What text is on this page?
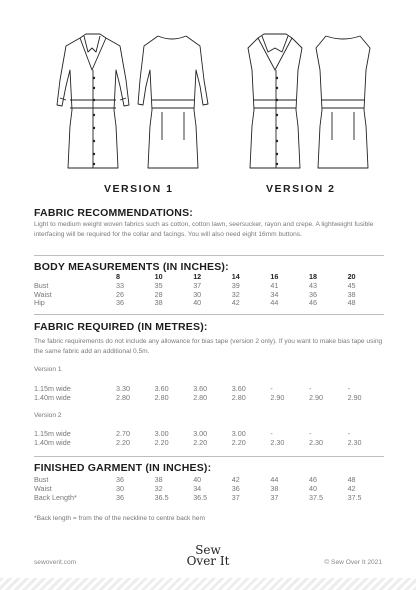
VERSION 1	VERSION 2
FABRIC RECOMMENDATIONS:
Light to medium weight woven fabrics such as cotton, cotton lawn, seersucker, rayon and crepe. A lightweight fusible interfacing will be required for the collar and facings. You will also need eight 16mm buttons.
BODY MEASUREMENTS (IN INCHES):
	8	10	12	14	16	18	20
Bust	33	35	37	39	41	43	45
Waist	26	28	30	32	34	36	38
Hip	36	38	40	42	44	46	48
FABRIC REQUIRED (IN METRES):
The fabric requirements do not include any allowance for bias tape (version 2 only). If you want to make bias tape using the same fabric add an additional 0.5m.
Version 1
1.15m wide	3.30	3.60	3.60	3.60	-	-	-
1.40m wide	2.80	2.80	2.80	2.80	2.90	2.90	2.90
Version 2
1.15m wide	2.70	3.00	3.00	3.00	-	-	-
1.40m wide	2.20	2.20	2.20	2.20	2.30	2.30	2.30
FINISHED GARMENT (IN INCHES):
Bust	36	38	40	42	44	46	48
Waist	30	32	34	36	38	40	42
Back Length*	36	36.5	36.5	37	37	37.5	37.5
*Back length = from the of the neckline to centre back hem
sewoverit.com
Sew
Over It	© Sew Over It 2021
